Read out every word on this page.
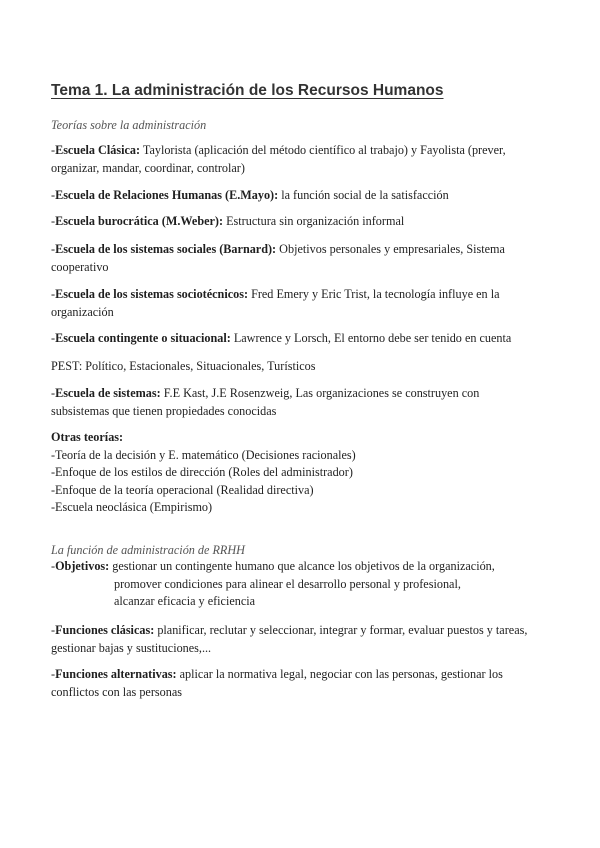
Tema 1. La administración de los Recursos Humanos

Teorías sobre la administración

-Escuela Clásica: Taylorista (aplicación del método científico al trabajo) y Fayolista (prever,
organizar, mandar, coordinar, controlar)
-Escuela de Relaciones Humanas (E.Mayo): la función social de la satisfacción
-Escuela burocrática (M.Weber): Estructura sin organización informal
-Escuela de los sistemas sociales (Barnard): Objetivos personales y empresariales, Sistema
cooperativo
-Escuela de los sistemas sociotécnicos: Fred Emery y Eric Trist, la tecnología influye en la
organización
-Escuela contingente o situacional: Lawrence y Lorsch, El entorno debe ser tenido en cuenta
PEST: Político, Estacionales, Situacionales, Turísticos
-Escuela de sistemas: F.E Kast, J.E Rosenzweig, Las organizaciones se construyen con
subsistemas que tienen propiedades conocidas
Otras teorías:
-Teoría de la decisión y E. matemático (Decisiones racionales)
-Enfoque de los estilos de dirección (Roles del administrador)
-Enfoque de la teoría operacional (Realidad directiva)
-Escuela neoclásica (Empirismo)

La función de administración de RRHH

-Objetivos: gestionar un contingente humano que alcance los objetivos de la organización,
promover condiciones para alinear el desarrollo personal y profesional,
alcanzar eficacia y eficiencia
-Funciones clásicas: planificar, reclutar y seleccionar, integrar y formar, evaluar puestos y tareas,
gestionar bajas y sustituciones,...
-Funciones alternativas: aplicar la normativa legal, negociar con las personas, gestionar los
conflictos con las personas
